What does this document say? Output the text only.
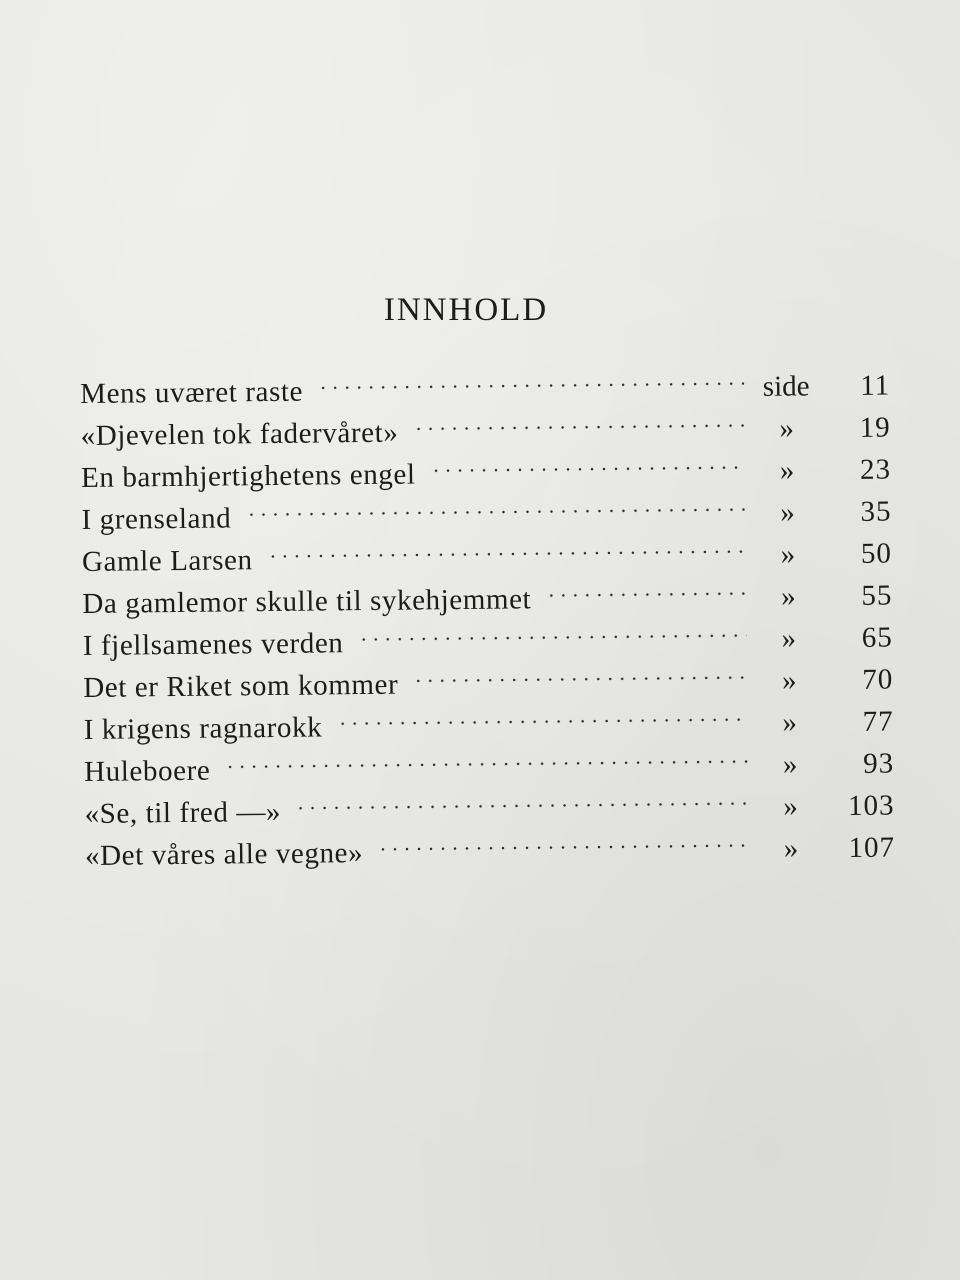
INNHOLD
Mens uværet raste	side	11
«Djevelen tok fadervåret»	»	19
En barmhjertighetens engel	»	23
I grenseland	»	35
Gamle Larsen	»	50
Da gamlemor skulle til sykehjemmet	»	55
I fjellsamenes verden	»	65
Det er Riket som kommer	»	70
I krigens ragnarokk	»	77
Huleboere	»	93
«Se, til fred —»	»	103
«Det våres alle vegne»	»	107
